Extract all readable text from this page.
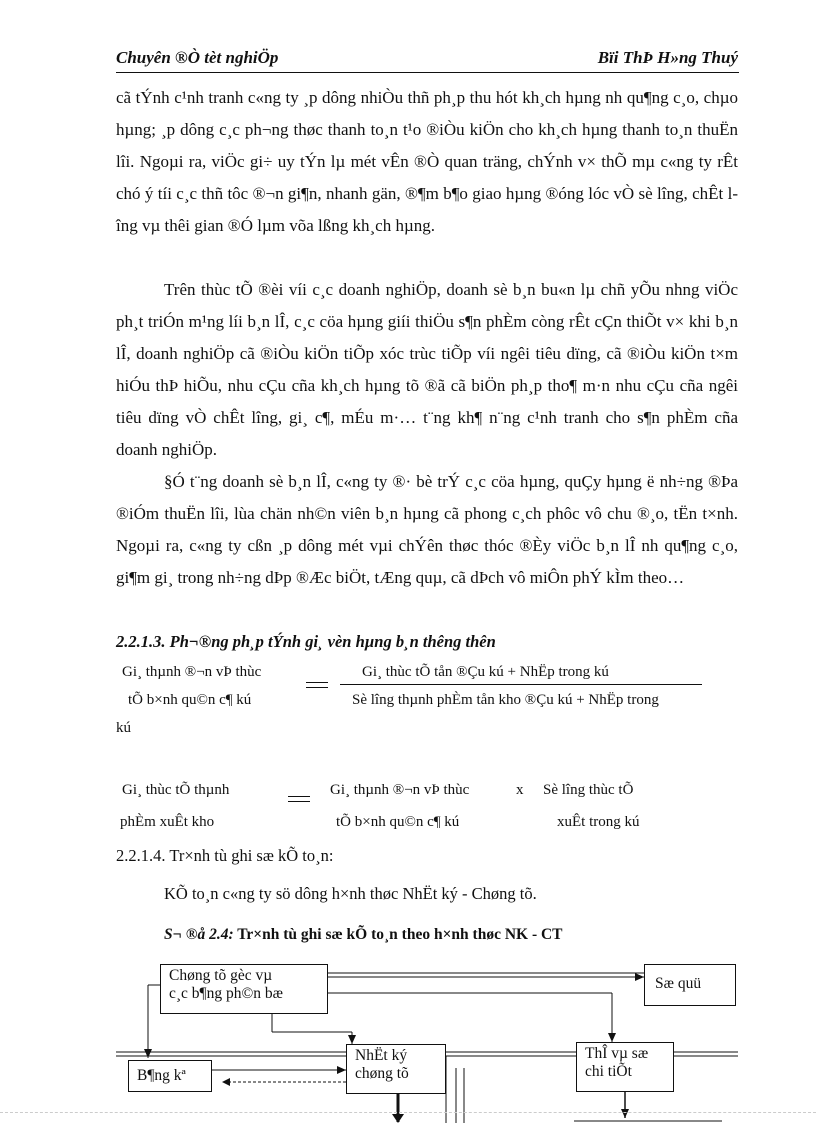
Chuyên ®Ò tèt nghiÖp	Bïi ThÞ H»ng Thuý

cã tÝnh c¹nh tranh c«ng ty ¸p dông nhiÒu thñ ph¸p thu hót kh¸ch hµng nh qu¶ng c¸o, chµo hµng; ¸p dông c¸c ph¬ng thøc thanh to¸n t¹o ®iÒu kiÖn cho kh¸ch hµng thanh to¸n thuËn lîi. Ngoµi ra, viÖc gi÷ uy tÝn lµ mét vÊn ®Ò quan träng, chÝnh v× thÕ mµ c«ng ty rÊt chó ý tíi c¸c thñ tôc ®¬n gi¶n, nhanh gän, ®¶m b¶o giao hµng ®óng lóc vÒ sè lîng, chÊt lîng vµ thêi gian ®Ó lµm võa lßng kh¸ch hµng.

Trên thùc tÕ ®èi víi c¸c doanh nghiÖp, doanh sè b¸n bu«n lµ chñ yÕu nhng viÖc ph¸t triÓn m¹ng líi b¸n lÎ, c¸c cöa hµng giíi thiÖu s¶n phÈm còng rÊt cÇn thiÕt v× khi b¸n lÎ, doanh nghiÖp cã ®iÒu kiÖn tiÕp xóc trùc tiÕp víi ngêi tiêu dïng, cã ®iÒu kiÖn t×m hiÓu thÞ hiÕu, nhu cÇu cña kh¸ch hµng tõ ®ã cã biÖn ph¸p tho¶ m·n nhu cÇu cña ngêi tiêu dïng vÒ chÊt lîng, gi¸ c¶, mÉu m·… t¨ng kh¶ n¨ng c¹nh tranh cho s¶n phÈm cña doanh nghiÖp.

§Ó t¨ng doanh sè b¸n lÎ, c«ng ty ®· bè trÝ c¸c cöa hµng, quÇy hµng ë nh÷ng ®Þa ®iÓm thuËn lîi, lùa chän nh©n viên b¸n hµng cã phong c¸ch phôc vô chu ®¸o, tËn t×nh. Ngoµi ra, c«ng ty cßn ¸p dông mét vµi chÝên thøc thóc ®Èy viÖc b¸n lÎ nh qu¶ng c¸o, gi¶m gi¸ trong nh÷ng dÞp ®Æc biÖt, tÆng quµ, cã dÞch vô miÔn phÝ kÌm theo…

2.2.1.3. Ph¬®ng ph¸p tÝnh gi¸ vèn hµng b¸n thêng thên
Gi¸ thµnh ®¬n vÞ thùc
tÕ b×nh qu©n c¶ kú
Gi¸ thùc tÕ tån ®Çu kú + NhËp trong kú
Sè lîng thµnh phÈm tån kho ®Çu kú + NhËp trong
kú
Gi¸ thùc tÕ thµnh
phÈm xuÊt kho
Gi¸ thµnh ®¬n vÞ thùc
tÕ b×nh qu©n c¶ kú
x Sè lîng thùc tÕ
xuÊt trong kú
2.2.1.4. Tr×nh tù ghi sæ kÕ to¸n:
KÕ to¸n c«ng ty sö dông h×nh thøc NhËt ký - Chøng tõ.
S¬ ®å 2.4: Tr×nh tù ghi sæ kÕ to¸n theo h×nh thøc NK - CT
Chøng tõ gèc vµ
c¸c b¶ng ph©n bæ
Sæ quü
B¶ng kª
NhËt ký
chøng tõ
ThÎ vµ sæ
chi tiÕt
